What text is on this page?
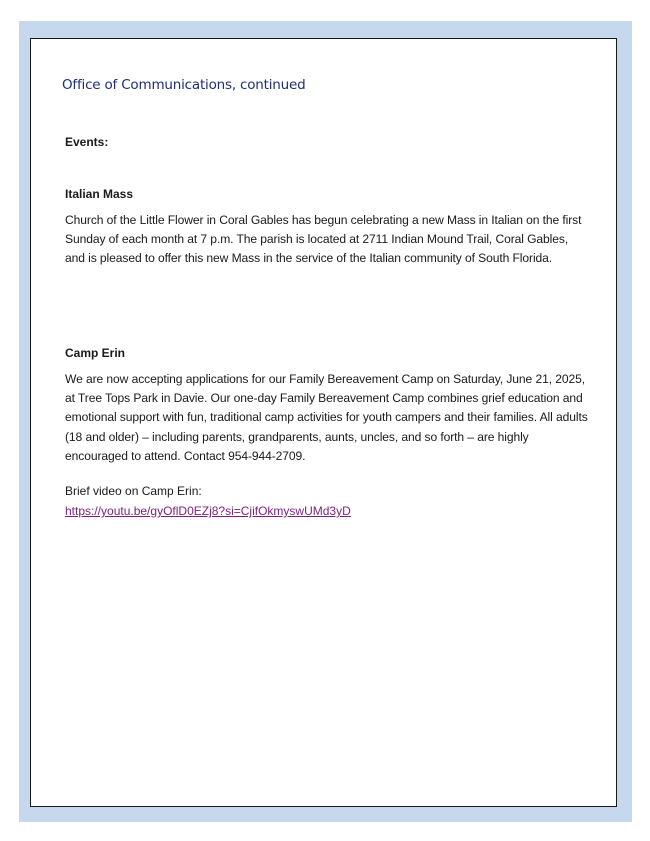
Office of Communications, continued

Events:

Italian Mass

Church of the Little Flower in Coral Gables has begun celebrating a new Mass in Italian on the first Sunday of each month at 7 p.m. The parish is located at 2711 Indian Mound Trail, Coral Gables, and is pleased to offer this new Mass in the service of the Italian community of South Florida.

Camp Erin

We are now accepting applications for our Family Bereavement Camp on Saturday, June 21, 2025, at Tree Tops Park in Davie. Our one-day Family Bereavement Camp combines grief education and emotional support with fun, traditional camp activities for youth campers and their families. All adults (18 and older) – including parents, grandparents, aunts, uncles, and so forth – are highly encouraged to attend. Contact 954-944-2709.

Brief video on Camp Erin:

https://youtu.be/gyOflD0EZj8?si=CjifOkmyswUMd3yD
